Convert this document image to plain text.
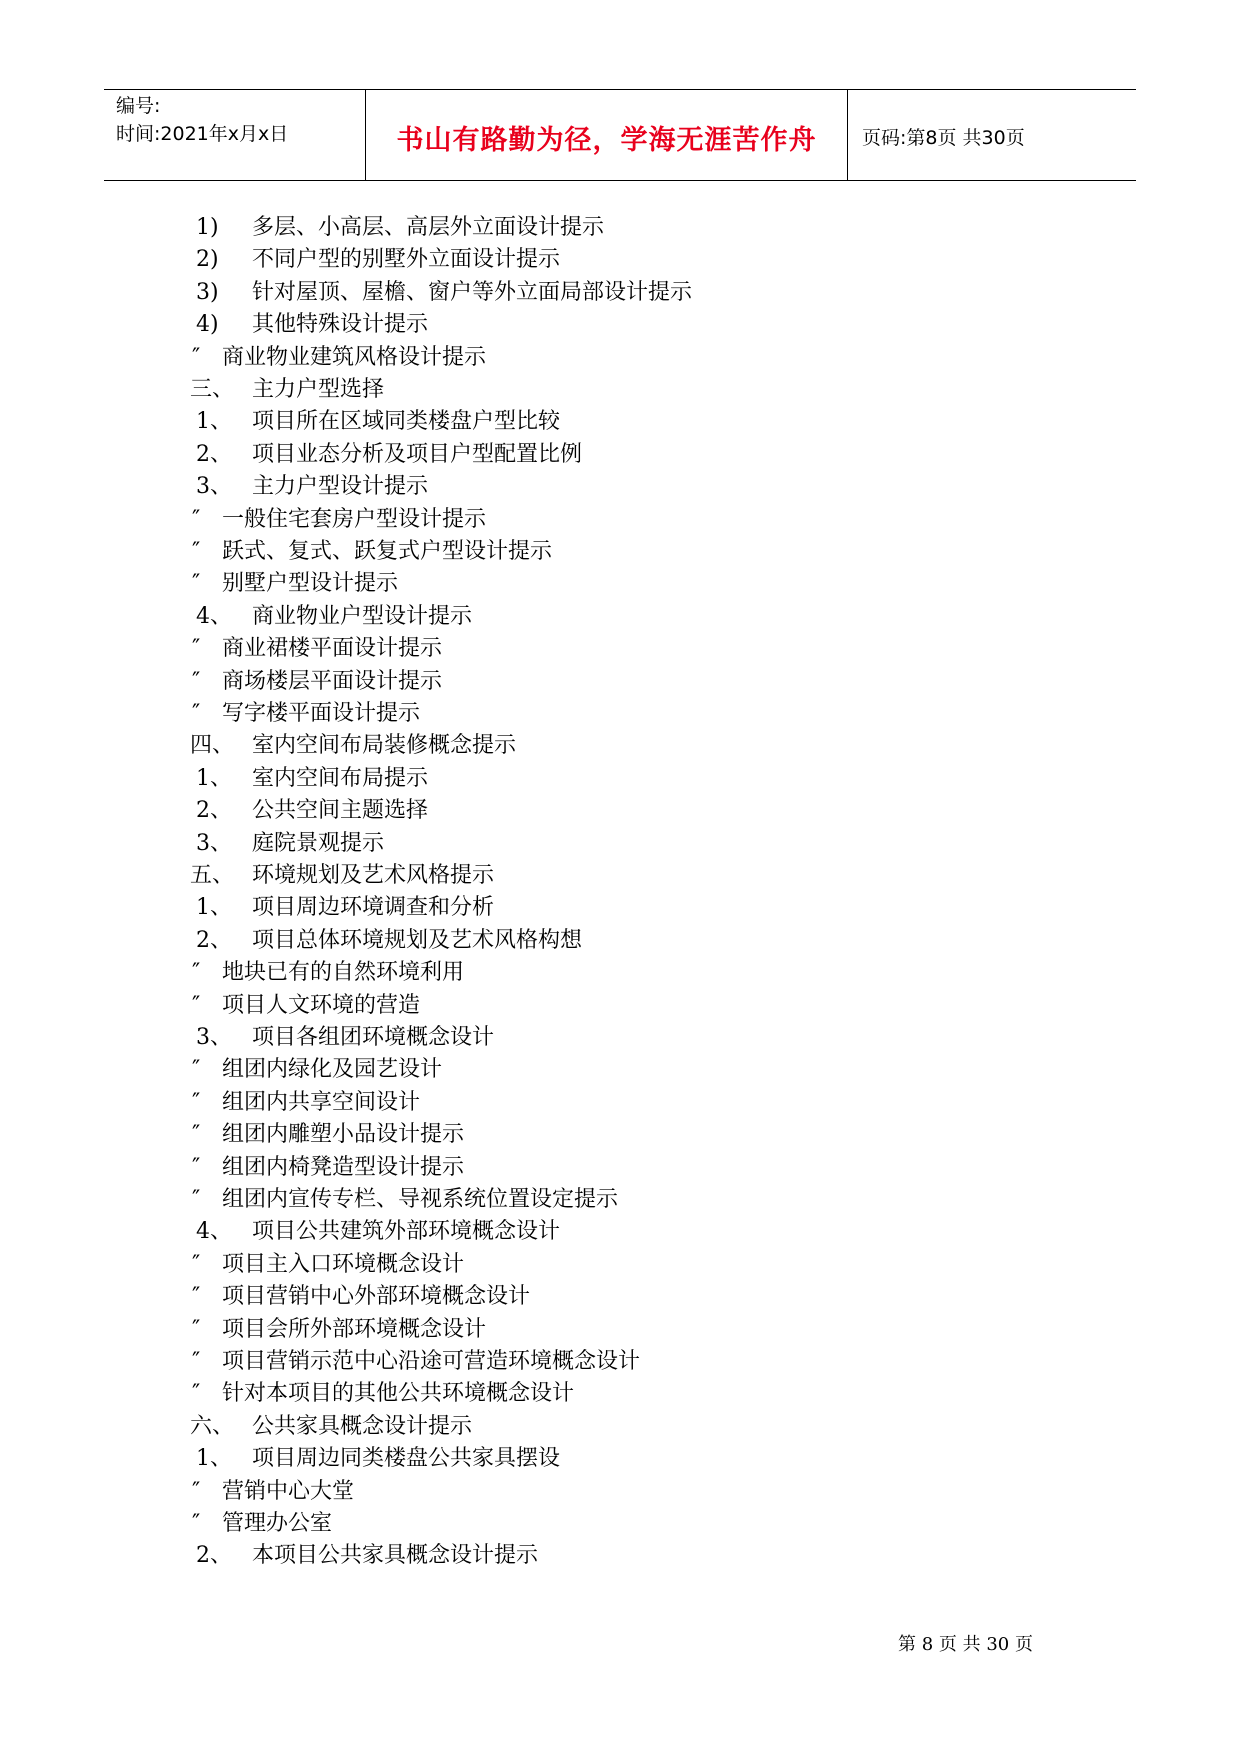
编号:
时间:2021年x月x日	书山有路勤为径，学海无涯苦作舟	页码:第8页 共30页
1) 多层、小高层、高层外立面设计提示
2) 不同户型的别墅外立面设计提示
3) 针对屋顶、屋檐、窗户等外立面局部设计提示
4) 其他特殊设计提示
″ 商业物业建筑风格设计提示
三、 主力户型选择
1、 项目所在区域同类楼盘户型比较
2、 项目业态分析及项目户型配置比例
3、 主力户型设计提示
″ 一般住宅套房户型设计提示
″ 跃式、复式、跃复式户型设计提示
″ 别墅户型设计提示
4、 商业物业户型设计提示
″ 商业裙楼平面设计提示
″ 商场楼层平面设计提示
″ 写字楼平面设计提示
四、 室内空间布局装修概念提示
1、 室内空间布局提示
2、 公共空间主题选择
3、 庭院景观提示
五、 环境规划及艺术风格提示
1、 项目周边环境调查和分析
2、 项目总体环境规划及艺术风格构想
″ 地块已有的自然环境利用
″ 项目人文环境的营造
3、 项目各组团环境概念设计
″ 组团内绿化及园艺设计
″ 组团内共享空间设计
″ 组团内雕塑小品设计提示
″ 组团内椅凳造型设计提示
″ 组团内宣传专栏、导视系统位置设定提示
4、 项目公共建筑外部环境概念设计
″ 项目主入口环境概念设计
″ 项目营销中心外部环境概念设计
″ 项目会所外部环境概念设计
″ 项目营销示范中心沿途可营造环境概念设计
″ 针对本项目的其他公共环境概念设计
六、 公共家具概念设计提示
1、 项目周边同类楼盘公共家具摆设
″ 营销中心大堂
″ 管理办公室
2、 本项目公共家具概念设计提示
第 8 页 共 30 页
